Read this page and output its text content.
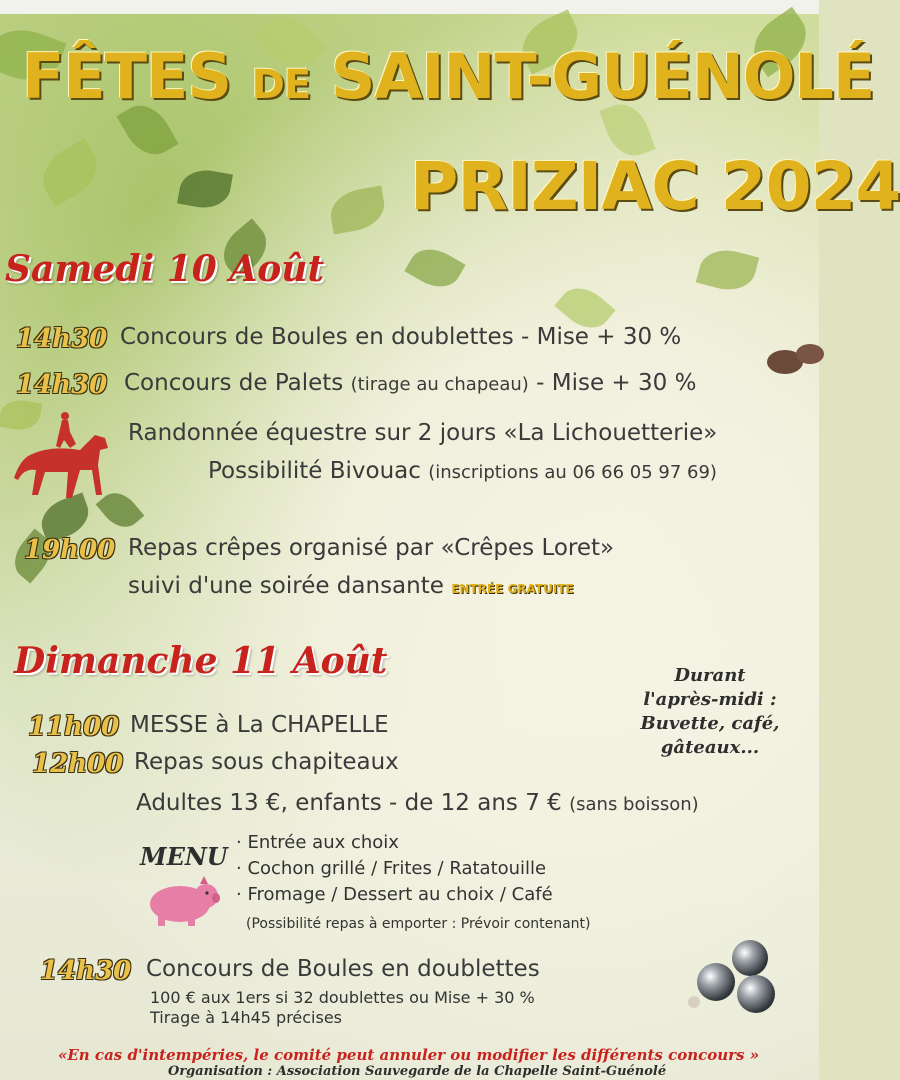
FÊTES DE SAINT-GUÉNOLÉ
PRIZIAC 2024
Samedi 10 Août
14h30 Concours de Boules en doublettes - Mise + 30 %
14h30 Concours de Palets (tirage au chapeau) - Mise + 30 %
Randonnée équestre sur 2 jours «La Lichouetterie»
Possibilité Bivouac (inscriptions au 06 66 05 97 69)
19h00 Repas crêpes organisé par «Crêpes Loret»
suivi d'une soirée dansante ENTRÉE GRATUITE
Dimanche 11 Août	Durant
l'après-midi :
Buvette, café,
gâteaux...
11h00 MESSE à La CHAPELLE
12h00 Repas sous chapiteaux
Adultes 13 €, enfants - de 12 ans 7 € (sans boisson)
MENU · Entrée aux choix
· Cochon grillé / Frites / Ratatouille
· Fromage / Dessert au choix / Café
(Possibilité repas à emporter : Prévoir contenant)
14h30 Concours de Boules en doublettes
100 € aux 1ers si 32 doublettes ou Mise + 30 %
Tirage à 14h45 précises
«En cas d'intempéries, le comité peut annuler ou modifier les différents concours »
Organisation : Association Sauvegarde de la Chapelle Saint-Guénolé
